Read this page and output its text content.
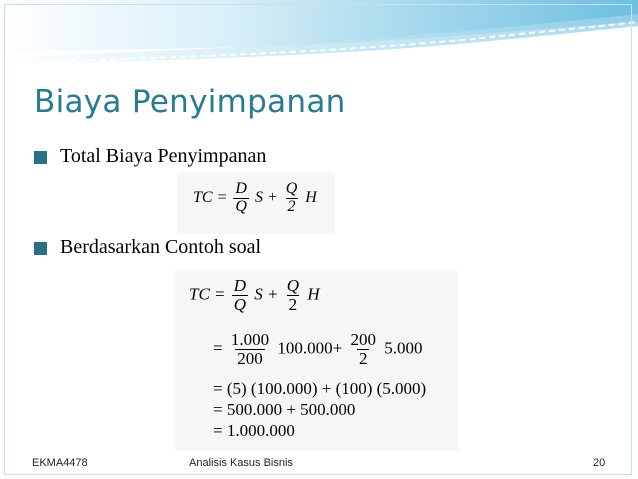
Biaya Penyimpanan
Total Biaya Penyimpanan
TC = $\frac{D}{Q}$ $S + \frac{Q}{2}$ H
Berdasarkan Contoh soal
TC = $\frac{D}{Q}$ $S + \frac{Q}{2}$ H
= $\frac{1.000}{200} 100.000+ \frac{200}{2} 5.000$
= (5) (100.000) + (100) (5.000)
= 500.000 + 500.000
= 1.000.000
EKMA4478	Analisis Kasus Bisnis	20
